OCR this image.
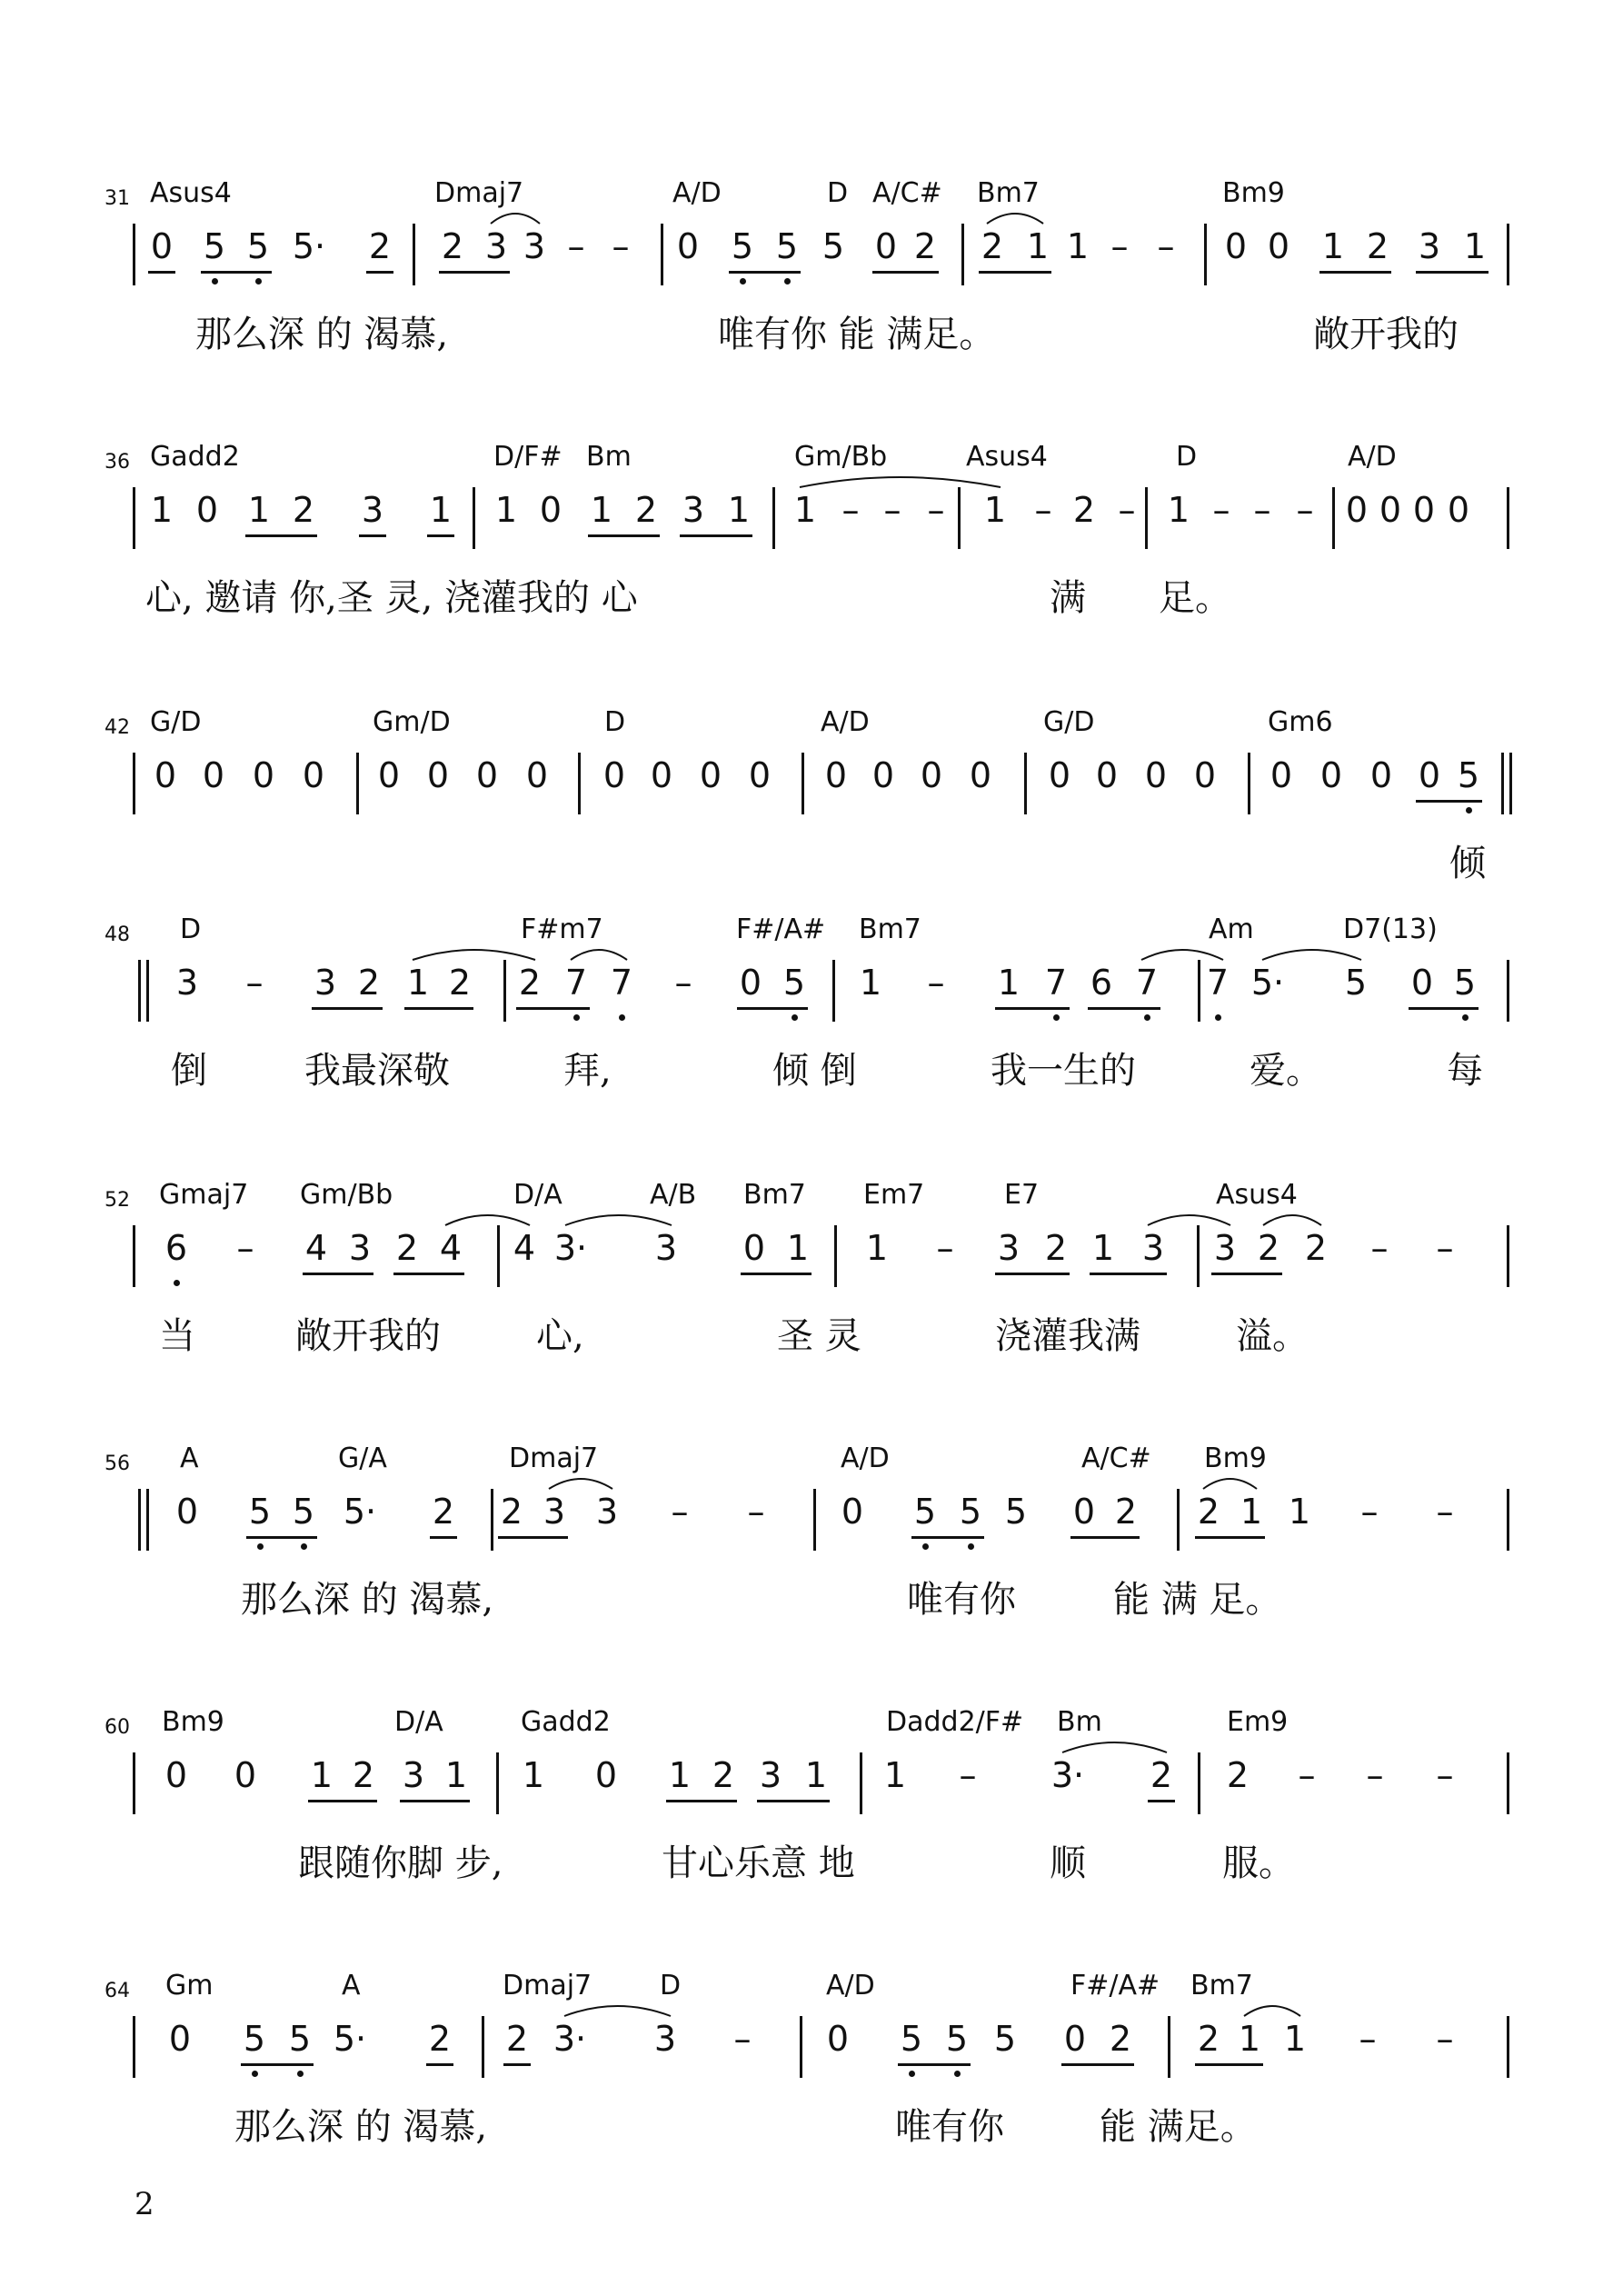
31 Asus4	Dmaj7	A/D	D A/C# Bm7	Bm9
0 5 5 5· 2 2 3 3 – – 0 5 5 5 0 2 2 1 1 – – 0 0 1 2 3 1
那么深 的 渴慕,	唯有你 能 满足。	敞开我的
36 Gadd2	D/F# Bm	Gm/Bb	Asus4	D	A/D
1 0 1 2 3 1 1 0 1 2 3 1 1 – – – 1 – 2 – 1 – – – 0 0 0 0
心, 邀请 你,圣 灵, 浇灌我的 心	满 足。
42 G/D	Gm/D	D	A/D	G/D	Gm6
0 0 0 0 0 0 0 0 0 0 0 0 0 0 0 0 0 0 0 0 0 0 0 0 5
倾
48 D	F#m7	F#/A# Bm7	Am	D7(13)
3 – 3 2 1 2 2 7 7 – 0 5 1 – 1 7 6 7 7 5· 5 0 5
倒	我最深敬	拜,	倾 倒	我一生的	爱。	每
52 Gmaj7 Gm/Bb	D/A	A/B Bm7 Em7	E7	Asus4
6 – 4 3 2 4 4 3· 3 0 1 1 – 3 2 1 3 3 2 2 – –
当	敞开我的	心,	圣 灵	浇灌我满	溢。
56 A	G/A	Dmaj7	A/D	A/C# Bm9
0 5 5 5· 2 2 3 3 – – 0 5 5 5 0 2 2 1 1 – –
那么深 的 渴慕,	唯有你	能 满 足。
60 Bm9	D/A	Gadd2	Dadd2/F# Bm	Em9
0 0 1 2 3 1 1 0 1 2 3 1 1 – 3· 2 2 – – –
跟随你脚 步,	甘心乐意 地	顺	服。
64 Gm	A	Dmaj7 D	A/D	F#/A# Bm7
0 5 5 5· 2 2 3· 3 – 0 5 5 5 0 2 2 1 1 – –
那么深 的 渴慕,	唯有你	能 满足。
2
